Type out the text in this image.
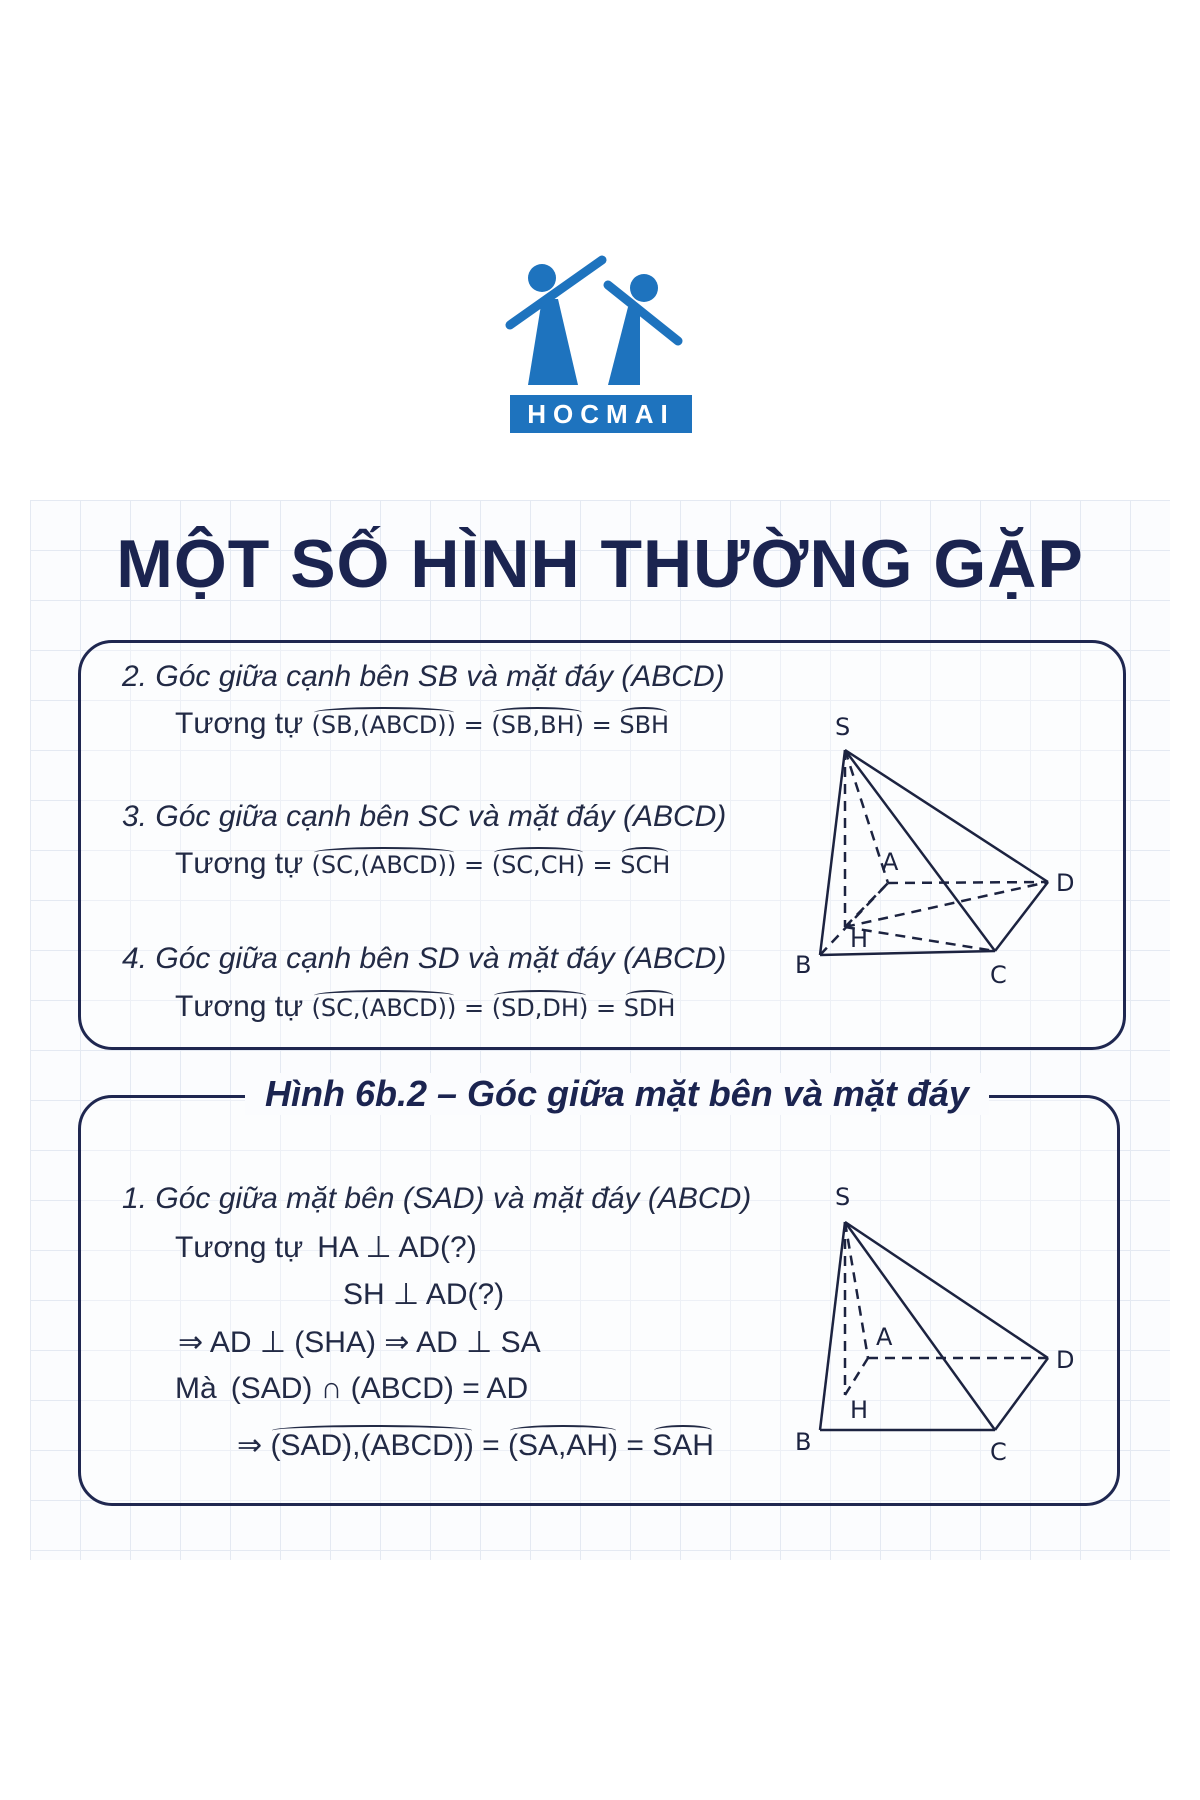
HOCMAI
MỘT SỐ HÌNH THƯỜNG GẶP
2. Góc giữa cạnh bên SB và mặt đáy (ABCD)
Tương tự (SB,(ABCD)) = (SB,BH) = SBH
3. Góc giữa cạnh bên SC và mặt đáy (ABCD)
Tương tự (SC,(ABCD)) = (SC,CH) = SCH
4. Góc giữa cạnh bên SD và mặt đáy (ABCD)
Tương tự (SC,(ABCD)) = (SD,DH) = SDH
S
A
B	C
D
H
Hình 6b.2 – Góc giữa mặt bên và mặt đáy
1. Góc giữa mặt bên (SAD) và mặt đáy (ABCD)
Tương tự HA ⊥ AD(?)
SH ⊥ AD(?)
⇒ AD ⊥ (SHA) ⇒ AD ⊥ SA
Mà (SAD) ∩ (ABCD) = AD
⇒ (SAD),(ABCD)) = (SA,AH) = SAH
S
A
B	C
D
H
